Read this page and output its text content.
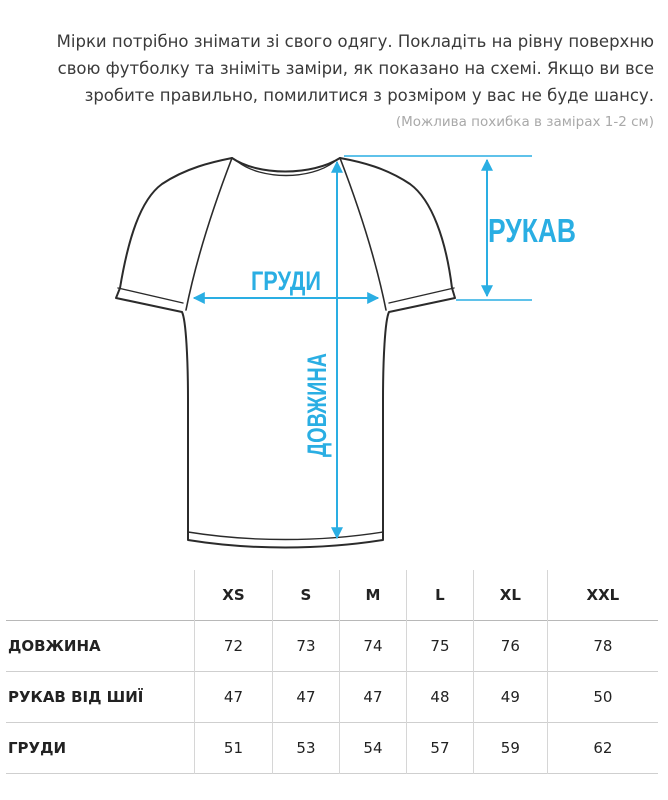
Мірки потрібно знімати зі свого одягу. Покладіть на рівну поверхню свою футболку та зніміть заміри, як показано на схемі. Якщо ви все зробите правильно, помилитися з розміром у вас не буде шансу.

(Можлива похибка в замірах 1-2 см)

РУКАВ
ГРУДИ
ДОВЖИНА
	XS	S	M	L	XL	XXL
ДОВЖИНА	72	73	74	75	76	78
РУКАВ ВІД ШИЇ	47	47	47	48	49	50
ГРУДИ	51	53	54	57	59	62
